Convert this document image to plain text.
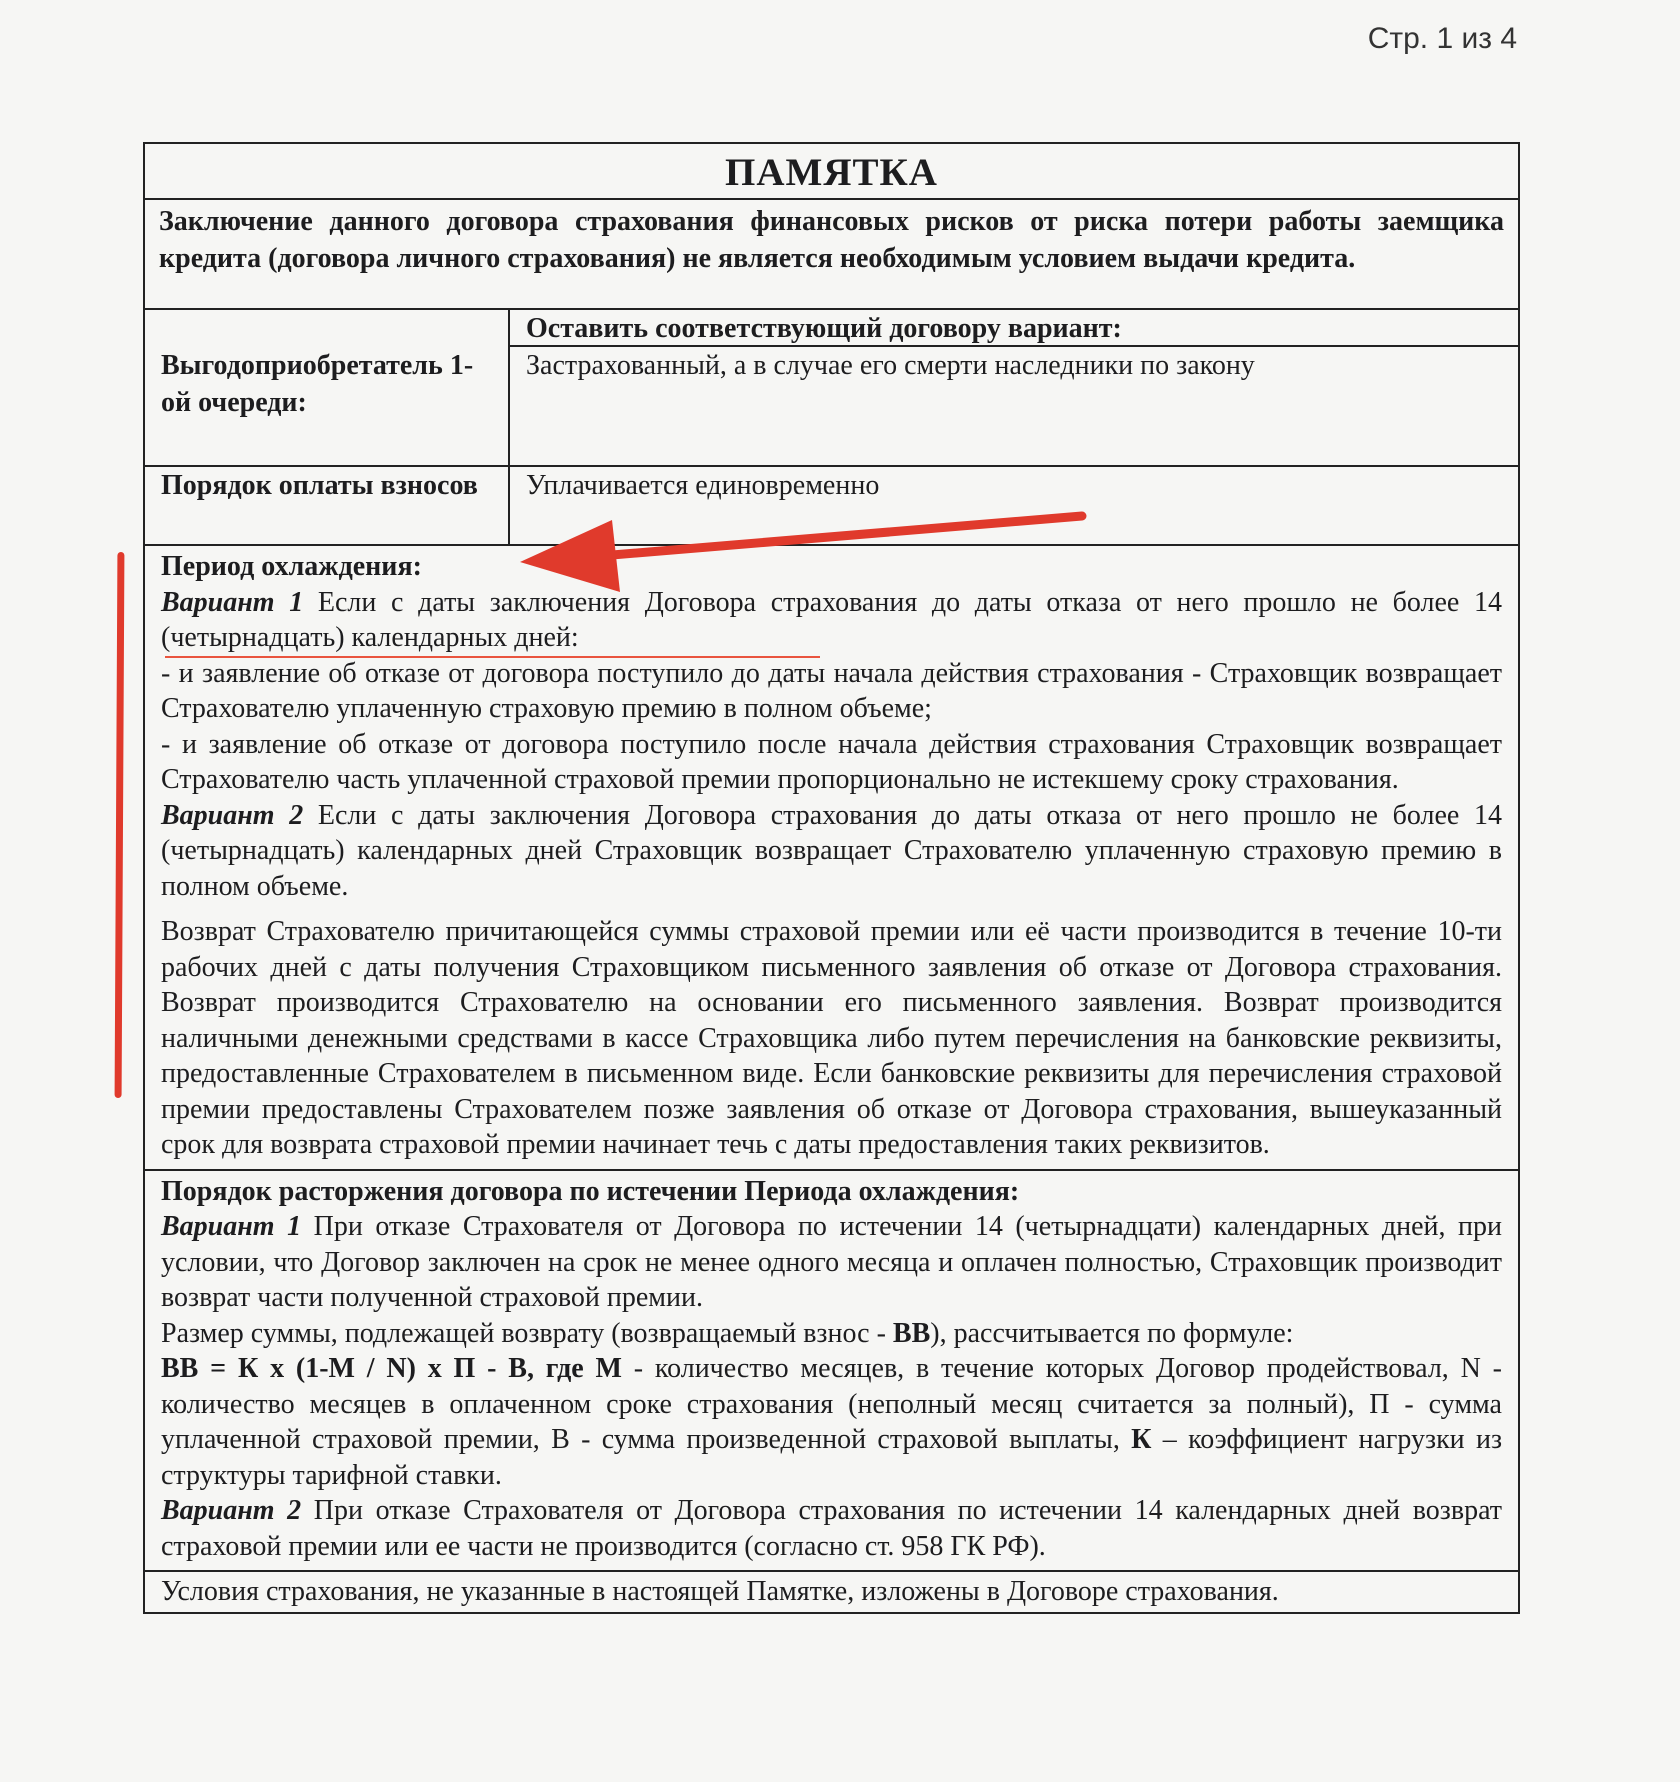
Стр. 1 из 4
ПАМЯТКА
Заключение данного договора страхования финансовых рисков от риска потери работы заемщика кредита (договора личного страхования) не является необходимым условием выдачи кредита.
Выгодоприобретатель 1-ой очереди:
Оставить соответствующий договору вариант:
Застрахованный, а в случае его смерти наследники по закону
Порядок оплаты взносов	Уплачивается единовременно

Период охлаждения:

Вариант 1 Если с даты заключения Договора страхования до даты отказа от него прошло не более 14 (четырнадцать) календарных дней:

- и заявление об отказе от договора поступило до даты начала действия страхования - Страховщик возвращает Страхователю уплаченную страховую премию в полном объеме;

- и заявление об отказе от договора поступило после начала действия страхования Страховщик возвращает Страхователю часть уплаченной страховой премии пропорционально не истекшему сроку страхования.

Вариант 2 Если с даты заключения Договора страхования до даты отказа от него прошло не более 14 (четырнадцать) календарных дней Страховщик возвращает Страхователю уплаченную страховую премию в полном объеме.

Возврат Страхователю причитающейся суммы страховой премии или её части производится в течение 10-ти рабочих дней с даты получения Страховщиком письменного заявления об отказе от Договора страхования. Возврат производится Страхователю на основании его письменного заявления. Возврат производится наличными денежными средствами в кассе Страховщика либо путем перечисления на банковские реквизиты, предоставленные Страхователем в письменном виде. Если банковские реквизиты для перечисления страховой премии предоставлены Страхователем позже заявления об отказе от Договора страхования, вышеуказанный срок для возврата страховой премии начинает течь с даты предоставления таких реквизитов.

Порядок расторжения договора по истечении Периода охлаждения:

Вариант 1 При отказе Страхователя от Договора по истечении 14 (четырнадцати) календарных дней, при условии, что Договор заключен на срок не менее одного месяца и оплачен полностью, Страховщик производит возврат части полученной страховой премии.

Размер суммы, подлежащей возврату (возвращаемый взнос - ВВ), рассчитывается по формуле:

ВВ = К х (1-М / N) х П - В, где М - количество месяцев, в течение которых Договор продействовал, N - количество месяцев в оплаченном сроке страхования (неполный месяц считается за полный), П - сумма уплаченной страховой премии, В - сумма произведенной страховой выплаты, К – коэффициент нагрузки из структуры тарифной ставки.

Вариант 2 При отказе Страхователя от Договора страхования по истечении 14 календарных дней возврат страховой премии или ее части не производится (согласно ст. 958 ГК РФ).

Условия страхования, не указанные в настоящей Памятке, изложены в Договоре страхования.
